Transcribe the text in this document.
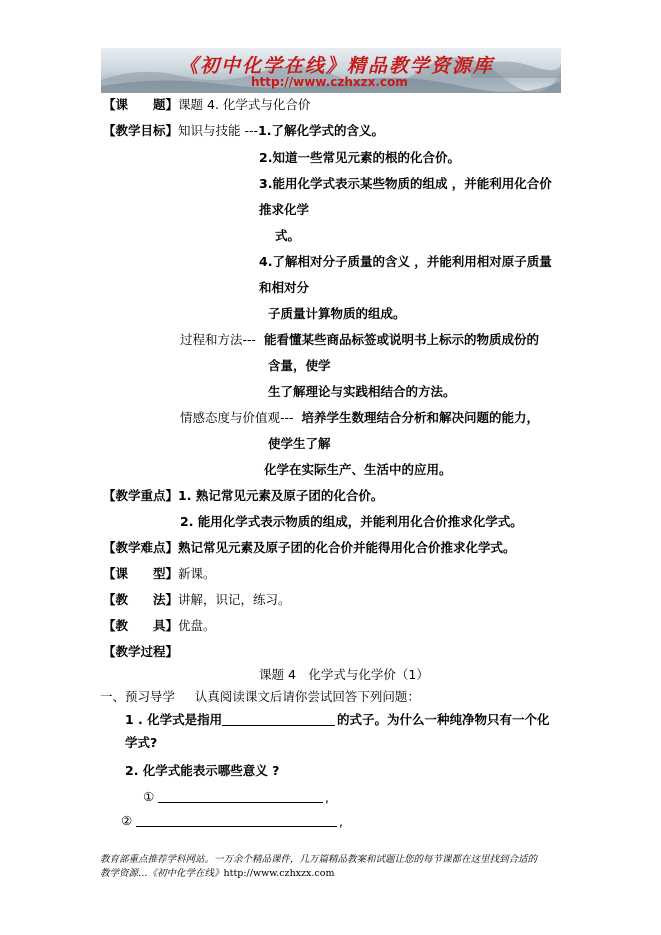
《初中化学在线》精品教学资源库
http://www.czhxzx.com
【课　　题】课题 4. 化学式与化合价
【教学目标】知识与技能 ---1.了解化学式的含义。
2.知道一些常见元素的根的化合价。
3.能用化学式表示某些物质的组成 ，并能利用化合价
推求化学
式。
4.了解相对分子质量的含义 ，并能利用相对原子质量
和相对分
子质量计算物质的组成。
过程和方法--- 能看懂某些商品标签或说明书上标示的物质成份的
含量，使学
生了解理论与实践相结合的方法。
情感态度与价值观--- 培养学生数理结合分析和解决问题的能力，
使学生了解
化学在实际生产、生活中的应用。
【教学重点】1. 熟记常见元素及原子团的化合价。
2. 能用化学式表示物质的组成，并能利用化合价推求化学式。
【教学难点】熟记常见元素及原子团的化合价并能得用化合价推求化学式。
【课　　型】新课。
【教　　法】讲解，识记，练习。
【教　　具】优盘。
【教学过程】
课题 4　化学式与化学价（1）
一、预习导学 认真阅读课文后请你尝试回答下列问题：
1 . 化学式是指用	的式子。为什么一种纯净物只有一个化
学式?
2. 化学式能表示哪些意义 ?
①	,
②	,
教育部重点推荐学科网站。一万余个精品课件，几万篇精品教案和试题让您的每节课都在这里找到合适的
教学资源…《初中化学在线》http://www.czhxzx.com
